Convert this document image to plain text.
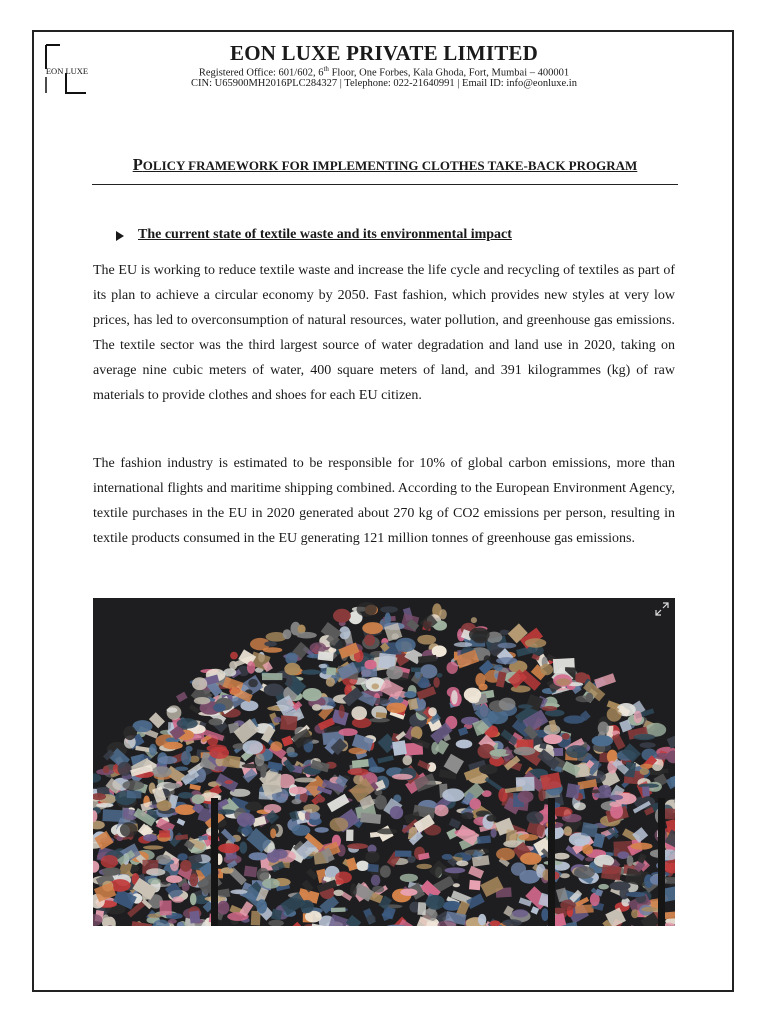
EON LUXE
EON LUXE PRIVATE LIMITED
Registered Office: 601/602, 6th Floor, One Forbes, Kala Ghoda, Fort, Mumbai – 400001
CIN: U65900MH2016PLC284327 | Telephone: 022-21640991 | Email ID: info@eonluxe.in
POLICY FRAMEWORK FOR IMPLEMENTING CLOTHES TAKE-BACK PROGRAM
The current state of textile waste and its environmental impact

The EU is working to reduce textile waste and increase the life cycle and recycling of textiles as part of its plan to achieve a circular economy by 2050. Fast fashion, which provides new styles at very low prices, has led to overconsumption of natural resources, water pollution, and greenhouse gas emissions. The textile sector was the third largest source of water degradation and land use in 2020, taking on average nine cubic meters of water, 400 square meters of land, and 391 kilogrammes (kg) of raw materials to provide clothes and shoes for each EU citizen.

The fashion industry is estimated to be responsible for 10% of global carbon emissions, more than international flights and maritime shipping combined. According to the European Environment Agency, textile purchases in the EU in 2020 generated about 270 kg of CO2 emissions per person, resulting in textile products consumed in the EU generating 121 million tonnes of greenhouse gas emissions.
